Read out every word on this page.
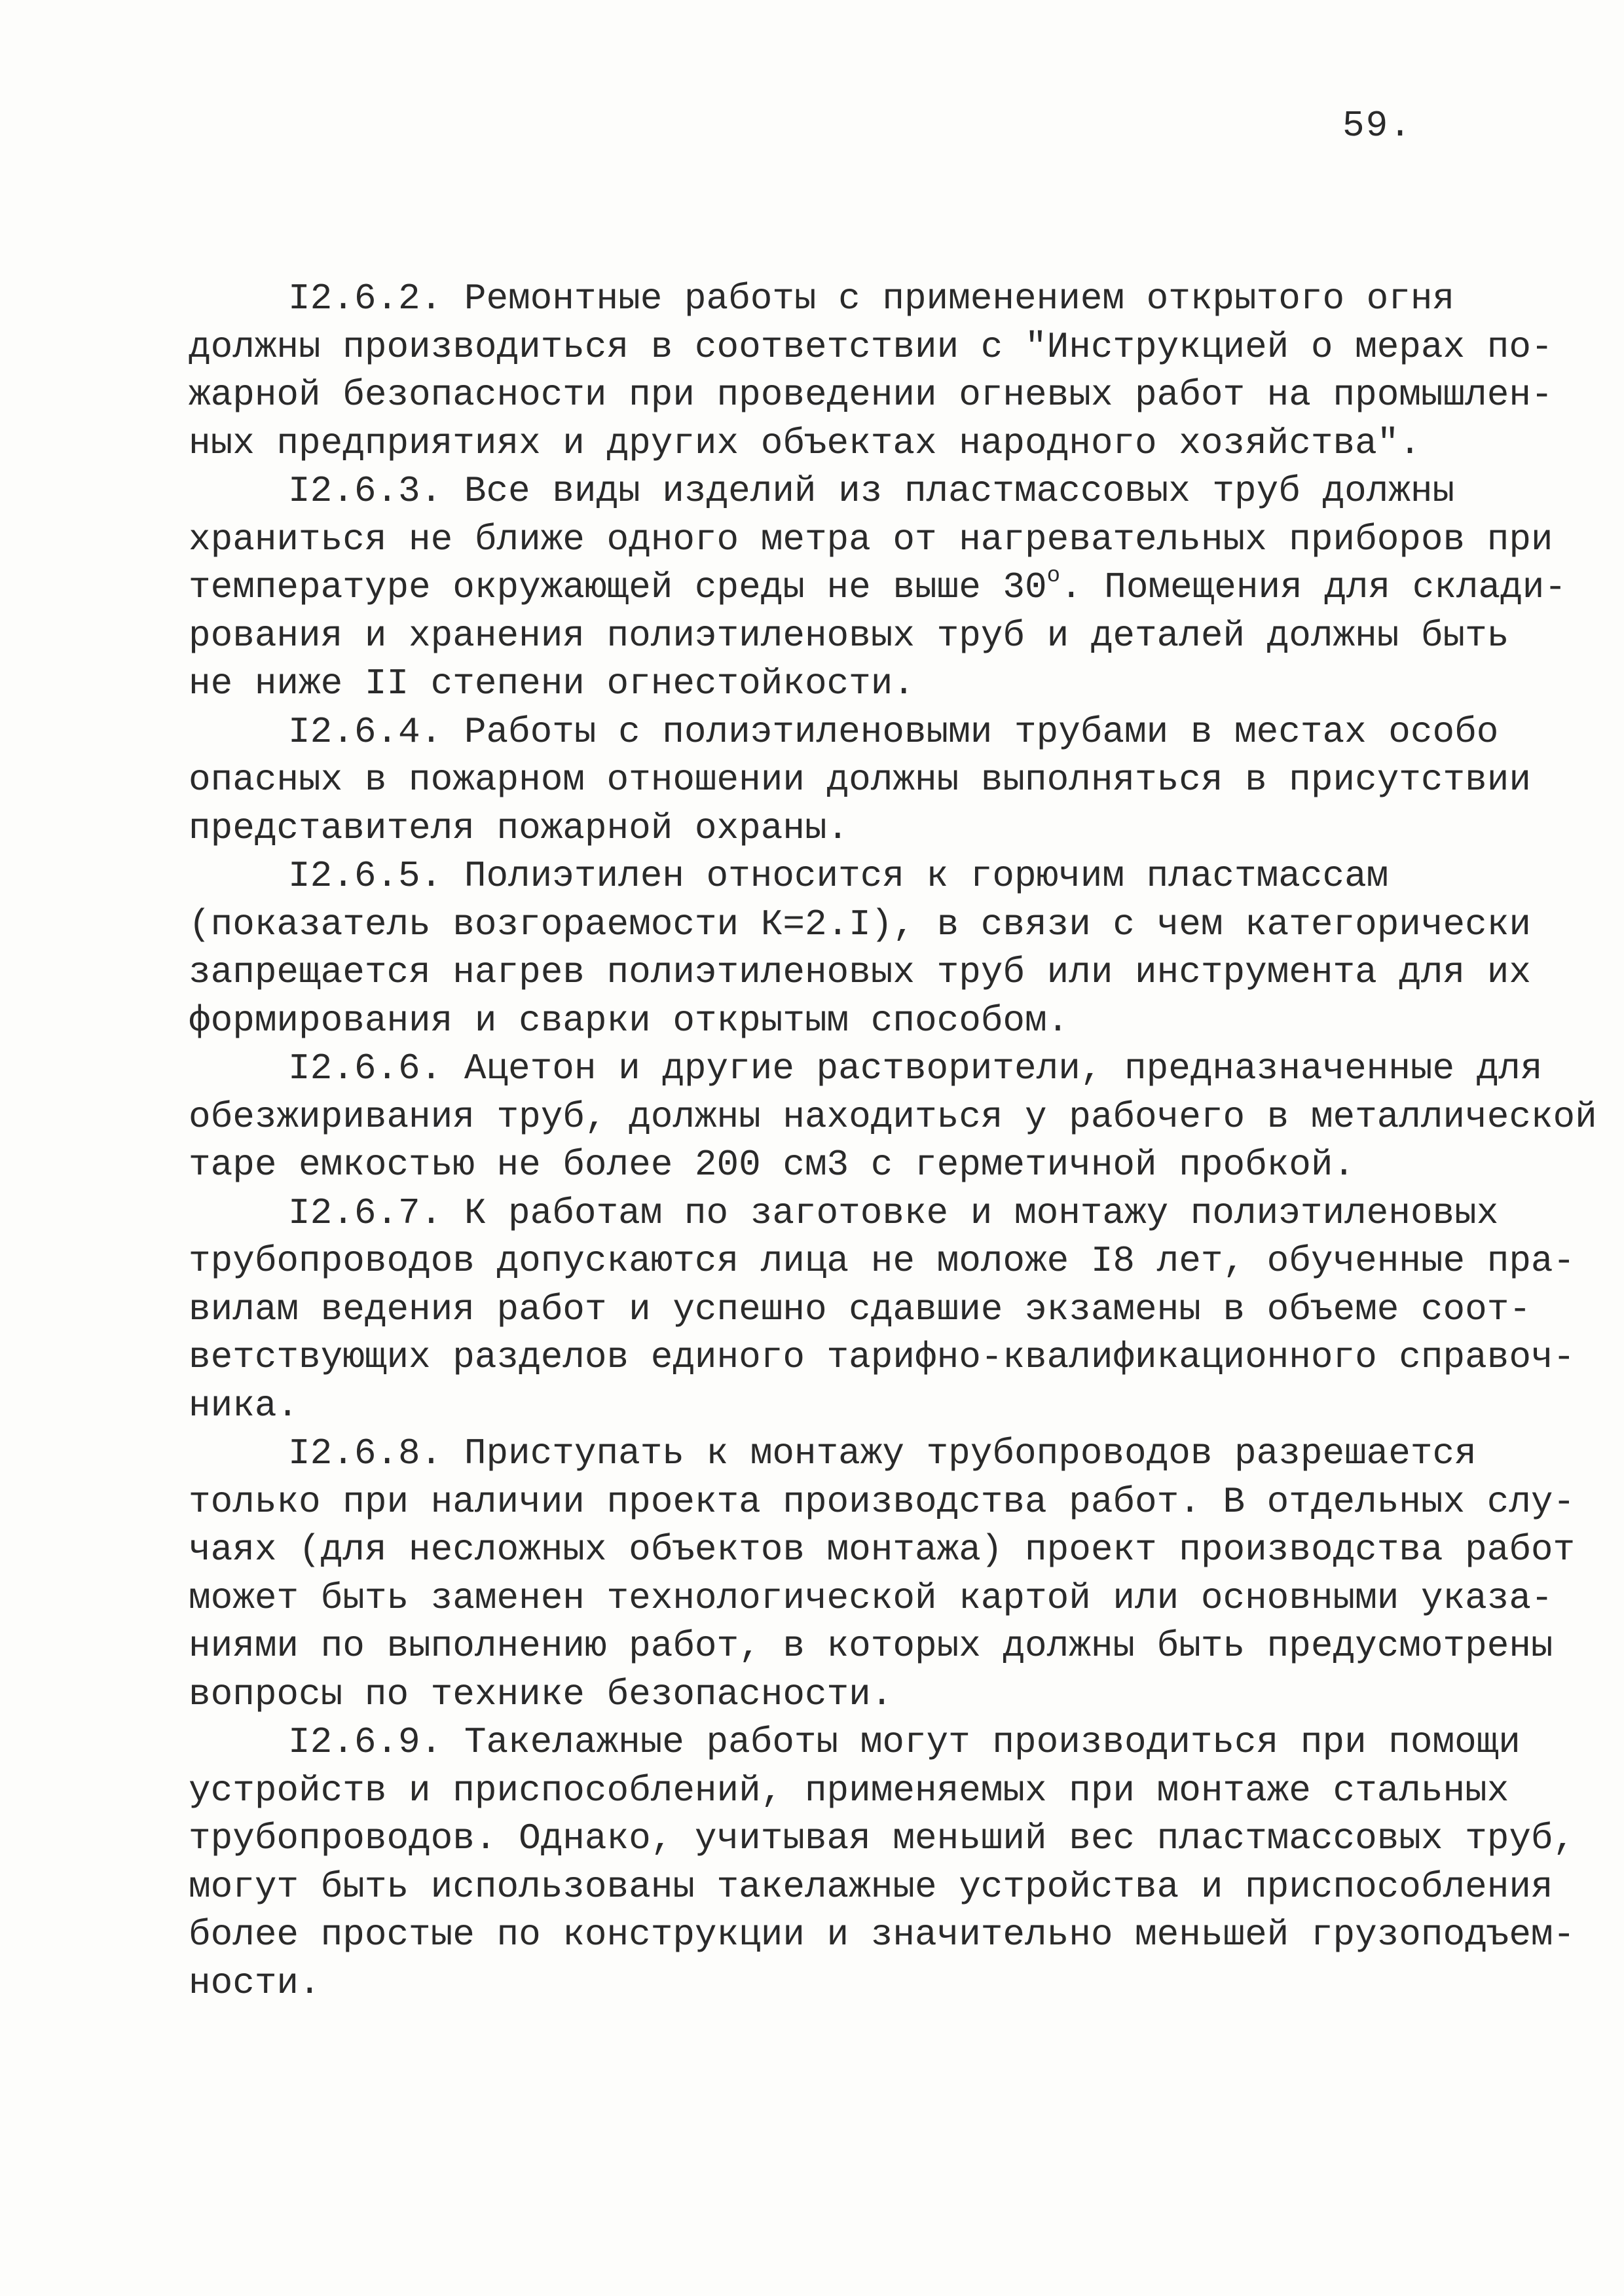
59.
I2.6.2. Ремонтные работы с применением открытого огня
должны производиться в соответствии с "Инструкцией о мерах по-
жарной безопасности при проведении огневых работ на промышлен-
ных предприятиях и других объектах народного хозяйства".
I2.6.3. Все виды изделий из пластмассовых труб должны
храниться не ближе одного метра от нагревательных приборов при
температуре окружающей среды не выше $30^о$. Помещения для склади-
рования и хранения полиэтиленовых труб и деталей должны быть
не ниже II степени огнестойкости.
I2.6.4. Работы с полиэтиленовыми трубами в местах особо
опасных в пожарном отношении должны выполняться в присутствии
представителя пожарной охраны.
I2.6.5. Полиэтилен относится к горючим пластмассам
(показатель возгораемости К=2.I), в связи с чем категорически
запрещается нагрев полиэтиленовых труб или инструмента для их
формирования и сварки открытым способом.
I2.6.6. Ацетон и другие растворители, предназначенные для
обезжиривания труб, должны находиться у рабочего в металлической
таре емкостью не более 200 см3 с герметичной пробкой.
I2.6.7. К работам по заготовке и монтажу полиэтиленовых
трубопроводов допускаются лица не моложе I8 лет, обученные пра-
вилам ведения работ и успешно сдавшие экзамены в объеме соот-
ветствующих разделов единого тарифно-квалификационного справоч-
ника.
I2.6.8. Приступать к монтажу трубопроводов разрешается
только при наличии проекта производства работ. В отдельных слу-
чаях (для несложных объектов монтажа) проект производства работ
может быть заменен технологической картой или основными указа-
ниями по выполнению работ, в которых должны быть предусмотрены
вопросы по технике безопасности.
I2.6.9. Такелажные работы могут производиться при помощи
устройств и приспособлений, применяемых при монтаже стальных
трубопроводов. Однако, учитывая меньший вес пластмассовых труб,
могут быть использованы такелажные устройства и приспособления
более простые по конструкции и значительно меньшей грузоподъем-
ности.
